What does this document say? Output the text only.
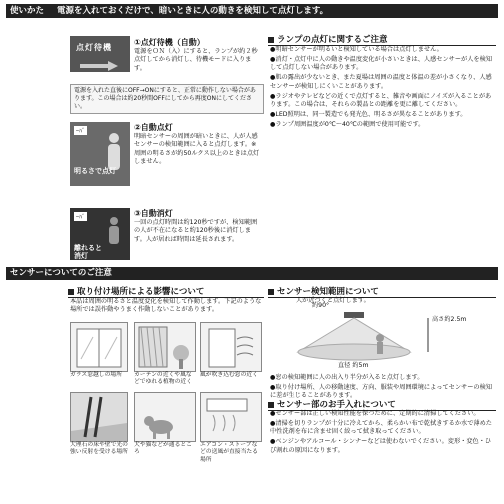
使いかた 電源を入れておくだけで、暗いときに人の動きを検知して点灯します。
点灯待機
①点灯待機（自動）
電源をＯＮ（入）にすると、ランプが約２秒点灯してから消灯し、待機モードに入ります。
電源を入れた直後にOFF→ONにすると、正常に動作しない場合があります。この場合は約20秒間OFFにしてから再度ONにしてください。
ｰﾊﾞ
明るさで点灯
②自動点灯
明暗センサーの周囲が暗いときに、人が人感センサーの検知範囲に入ると点灯します。※周囲の明るさが約50ルクス以上のときは点灯しません。
ｰﾊﾞ
離れると消灯
③自動消灯
一回の点灯時間は約120秒ですが、検知範囲の人が不在になると約120秒後に消灯します。人が居れば時間は延長されます。
ランプの点灯に関するご注意

●明暗センサーが明るいと検知している場合は点灯しません。

●消灯・点灯中に人の動きや温度変化が小さいときは、人感センサーが人を検知して点灯しない場合があります。

●肌の露出が少ないとき、また夏場は周囲の温度と体温の差が小さくなり、人感センサーが検知しにくいことがあります。

●ラジオやテレビなどの近くで点灯すると、雑音や画面にノイズが入ることがあります。この場合は、それらの製品との距離を更に離してください。

●LED照明は、同一製造でも発光色、明るさが異なることがあります。

●ランプ周囲温度が0℃〜40℃の範囲で使用可能です。

センサーについてのご注意
取り付け場所による影響について
本品は周囲の明るさと温度変化を検知して作動します。下記のような場所では誤作動やうまく作動しないことがあります。
ガラス窓越しの場所	カーテンの近くや風などでゆれる植物の近く
風が吹き込む窓の近く
大理石の床や壁で光の強い反射を受ける場所
犬や猫などが通るところ
エアコン・ストーブなどの送風が直接当たる場所
センサー検知範囲について
人が近づくと点灯します。
約90°
高さ約2.5m
直径 約5m

●窓の検知範囲に人の出入り半分が入ると点灯します。

●取り付け場所、人の移動速度、方向、服装や周囲環境によってセンサーの検知に差が生じることがあります。

センサー部のお手入れについて

●センサー部は正しい検知性能を保つために、定期的に清掃してください。

●清掃を切りランプが十分に冷えてから、柔らかい布で乾拭きするか水で薄めた中性洗剤を布に含ませ固く絞って拭き取ってください。

●ベンジンやアルコール・シンナーなどは使わないでください。変形・変色・ひび割れの原因になります。
